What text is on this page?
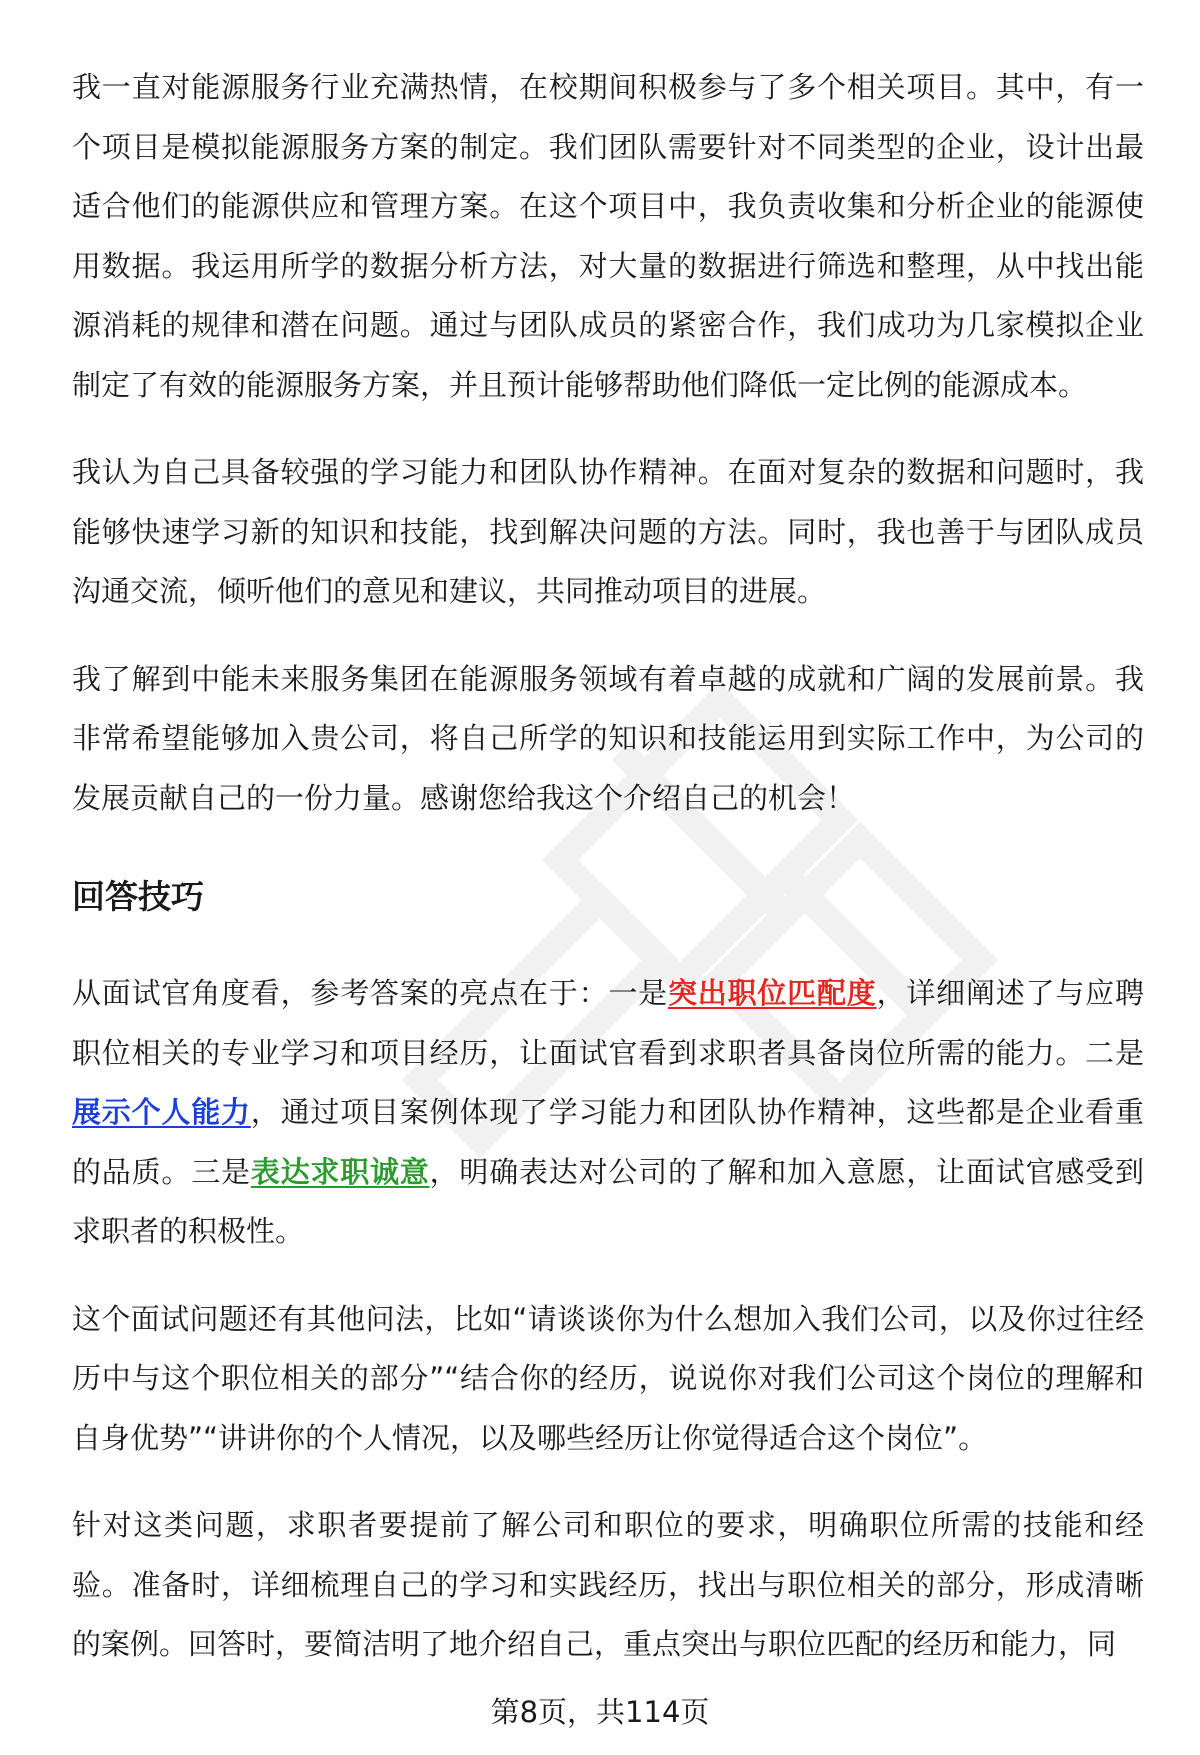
我一直对能源服务行业充满热情，在校期间积极参与了多个相关项目。其中，有一个项目是模拟能源服务方案的制定。我们团队需要针对不同类型的企业，设计出最适合他们的能源供应和管理方案。在这个项目中，我负责收集和分析企业的能源使用数据。我运用所学的数据分析方法，对大量的数据进行筛选和整理，从中找出能源消耗的规律和潜在问题。通过与团队成员的紧密合作，我们成功为几家模拟企业制定了有效的能源服务方案，并且预计能够帮助他们降低一定比例的能源成本。

我认为自己具备较强的学习能力和团队协作精神。在面对复杂的数据和问题时，我能够快速学习新的知识和技能，找到解决问题的方法。同时，我也善于与团队成员沟通交流，倾听他们的意见和建议，共同推动项目的进展。

我了解到中能未来服务集团在能源服务领域有着卓越的成就和广阔的发展前景。我非常希望能够加入贵公司，将自己所学的知识和技能运用到实际工作中，为公司的发展贡献自己的一份力量。感谢您给我这个介绍自己的机会！

回答技巧

从面试官角度看，参考答案的亮点在于：一是突出职位匹配度，详细阐述了与应聘职位相关的专业学习和项目经历，让面试官看到求职者具备岗位所需的能力。二是展示个人能力，通过项目案例体现了学习能力和团队协作精神，这些都是企业看重的品质。三是表达求职诚意，明确表达对公司的了解和加入意愿，让面试官感受到求职者的积极性。

这个面试问题还有其他问法，比如“请谈谈你为什么想加入我们公司，以及你过往经历中与这个职位相关的部分”“结合你的经历，说说你对我们公司这个岗位的理解和自身优势”“讲讲你的个人情况，以及哪些经历让你觉得适合这个岗位”。

针对这类问题，求职者要提前了解公司和职位的要求，明确职位所需的技能和经验。准备时，详细梳理自己的学习和实践经历，找出与职位相关的部分，形成清晰的案例。回答时，要简洁明了地介绍自己，重点突出与职位匹配的经历和能力，同

第8页，共114页
